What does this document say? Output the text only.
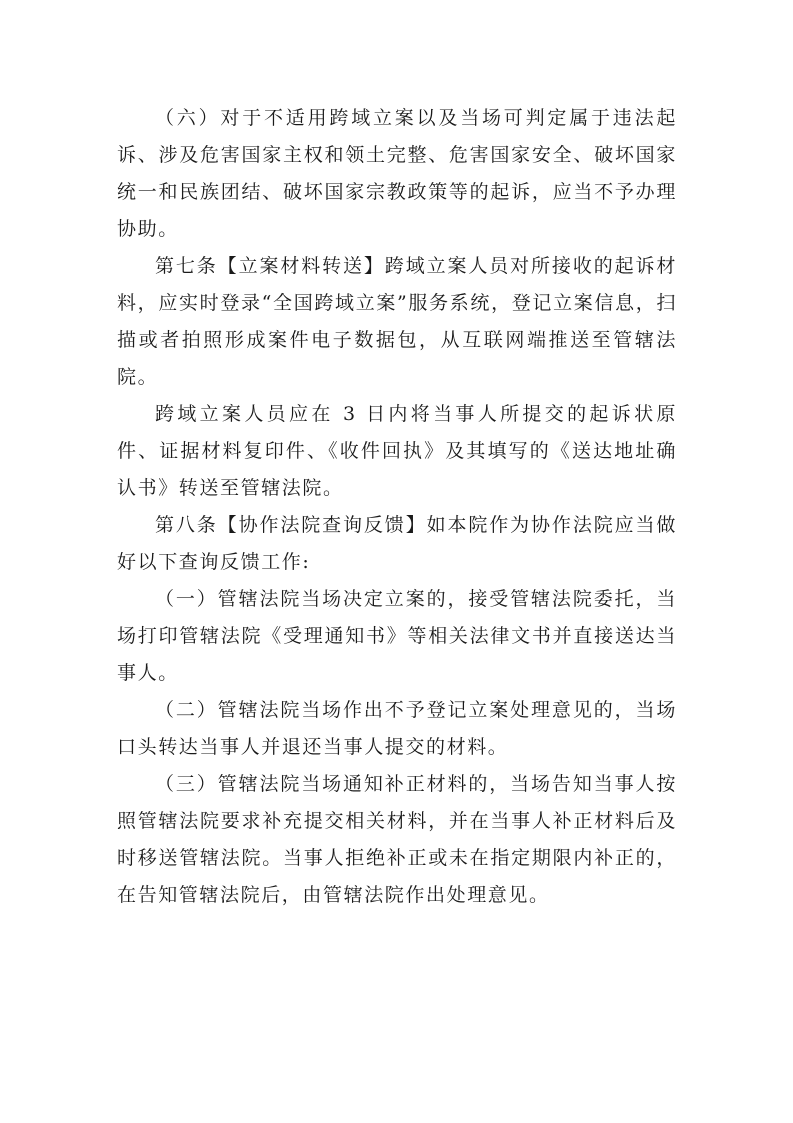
（六）对于不适用跨域立案以及当场可判定属于违法起诉、涉及危害国家主权和领土完整、危害国家安全、破坏国家统一和民族团结、破坏国家宗教政策等的起诉，应当不予办理协助。

第七条【立案材料转送】跨域立案人员对所接收的起诉材料，应实时登录“全国跨域立案”服务系统，登记立案信息，扫描或者拍照形成案件电子数据包，从互联网端推送至管辖法院。

跨域立案人员应在 3 日内将当事人所提交的起诉状原件、证据材料复印件、《收件回执》及其填写的《送达地址确认书》转送至管辖法院。

第八条【协作法院查询反馈】如本院作为协作法院应当做好以下查询反馈工作:

（一）管辖法院当场决定立案的，接受管辖法院委托，当场打印管辖法院《受理通知书》等相关法律文书并直接送达当事人。

（二）管辖法院当场作出不予登记立案处理意见的，当场口头转达当事人并退还当事人提交的材料。

（三）管辖法院当场通知补正材料的，当场告知当事人按照管辖法院要求补充提交相关材料，并在当事人补正材料后及时移送管辖法院。当事人拒绝补正或未在指定期限内补正的，在告知管辖法院后，由管辖法院作出处理意见。
